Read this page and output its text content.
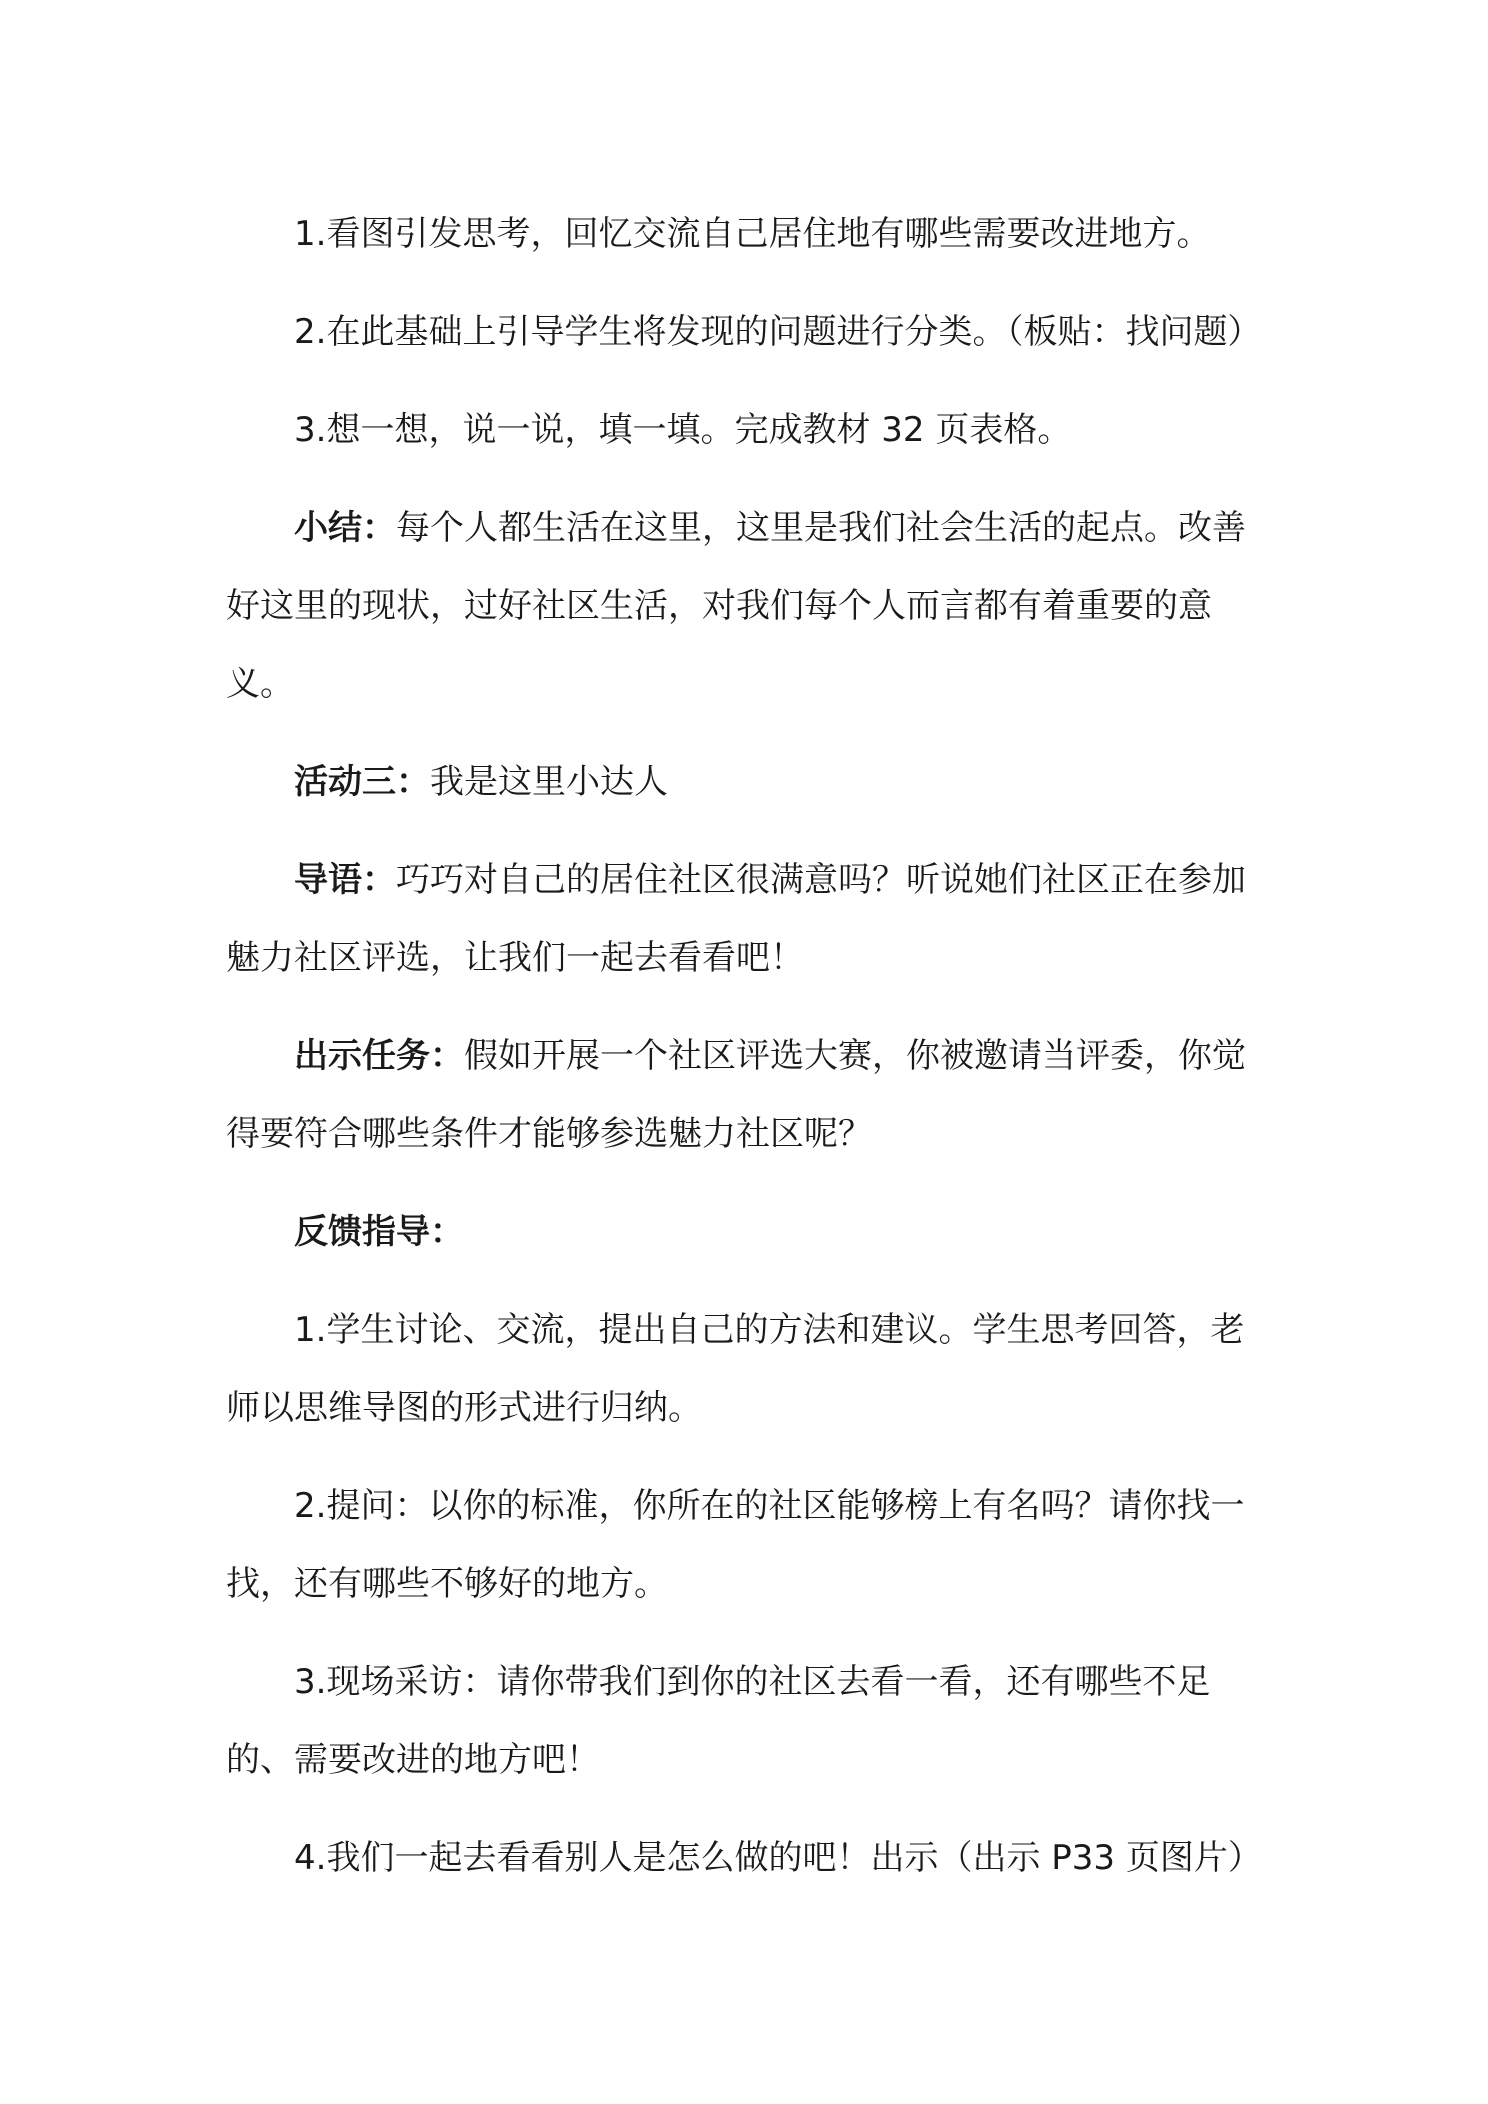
1.看图引发思考，回忆交流自己居住地有哪些需要改进地方。

2.在此基础上引导学生将发现的问题进行分类。（板贴：找问题）

3.想一想，说一说，填一填。完成教材 32 页表格。

小结：每个人都生活在这里，这里是我们社会生活的起点。改善好这里的现状，过好社区生活，对我们每个人而言都有着重要的意义。

活动三：我是这里小达人

导语：巧巧对自己的居住社区很满意吗？听说她们社区正在参加魅力社区评选，让我们一起去看看吧！

出示任务：假如开展一个社区评选大赛，你被邀请当评委，你觉得要符合哪些条件才能够参选魅力社区呢？

反馈指导：

1.学生讨论、交流，提出自己的方法和建议。学生思考回答，老师以思维导图的形式进行归纳。

2.提问：以你的标准，你所在的社区能够榜上有名吗？请你找一找，还有哪些不够好的地方。

3.现场采访：请你带我们到你的社区去看一看，还有哪些不足的、需要改进的地方吧！

4.我们一起去看看别人是怎么做的吧！出示（出示 P33 页图片）
